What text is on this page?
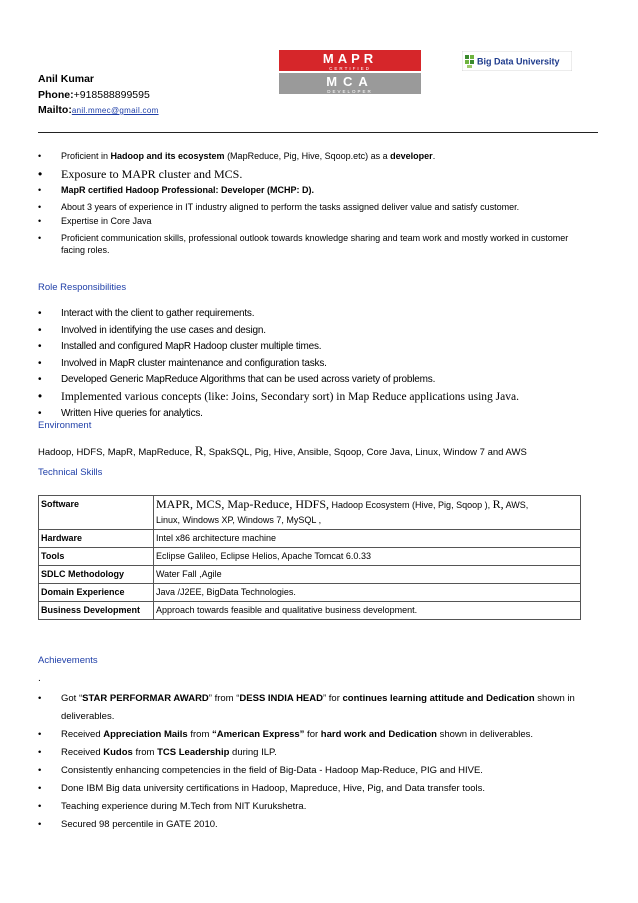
Anil Kumar
Phone:+918588899595
Mailto:anil.mmec@gmail.com
MAPR
CERTIFIED
MCA
DEVELOPER
Big Data University
• Proficient in Hadoop and its ecosystem (MapReduce, Pig, Hive, Sqoop.etc) as a developer.
• Exposure to MAPR cluster and MCS.
• MapR certified Hadoop Professional: Developer (MCHP: D).
• About 3 years of experience in IT industry aligned to perform the tasks assigned deliver value and satisfy customer.
• Expertise in Core Java
• Proficient communication skills, professional outlook towards knowledge sharing and team work and mostly worked in customer facing roles.
Role Responsibilities
• Interact with the client to gather requirements.
• Involved in identifying the use cases and design.
• Installed and configured MapR Hadoop cluster multiple times.
• Involved in MapR cluster maintenance and configuration tasks.
• Developed Generic MapReduce Algorithms that can be used across variety of problems.
• Implemented various concepts (like: Joins, Secondary sort) in Map Reduce applications using Java.
• Written Hive queries for analytics.
Environment
Hadoop, HDFS, MapR, MapReduce, R, SpakSQL, Pig, Hive, Ansible, Sqoop, Core Java, Linux, Window 7 and AWS
Technical Skills
Software	MAPR, MCS, Map-Reduce, HDFS, Hadoop Ecosystem (Hive, Pig, Sqoop ), R, AWS,
Linux, Windows XP, Windows 7, MySQL ,
Hardware	Intel x86 architecture machine
Tools	Eclipse Galileo, Eclipse Helios, Apache Tomcat 6.0.33
SDLC Methodology	Water Fall ,Agile
Domain Experience	Java /J2EE, BigData Technologies.
Business Development	Approach towards feasible and qualitative business development.
Achievements
.
• Got “STAR PERFORMAR AWARD” from “DESS INDIA HEAD” for continues learning attitude and Dedication shown in deliverables.
• Received Appreciation Mails from “American Express” for hard work and Dedication shown in deliverables.
• Received Kudos from TCS Leadership during ILP.
• Consistently enhancing competencies in the field of Big-Data - Hadoop Map-Reduce, PIG and HIVE.
• Done IBM Big data university certifications in Hadoop, Mapreduce, Hive, Pig, and Data transfer tools.
• Teaching experience during M.Tech from NIT Kurukshetra.
• Secured 98 percentile in GATE 2010.
